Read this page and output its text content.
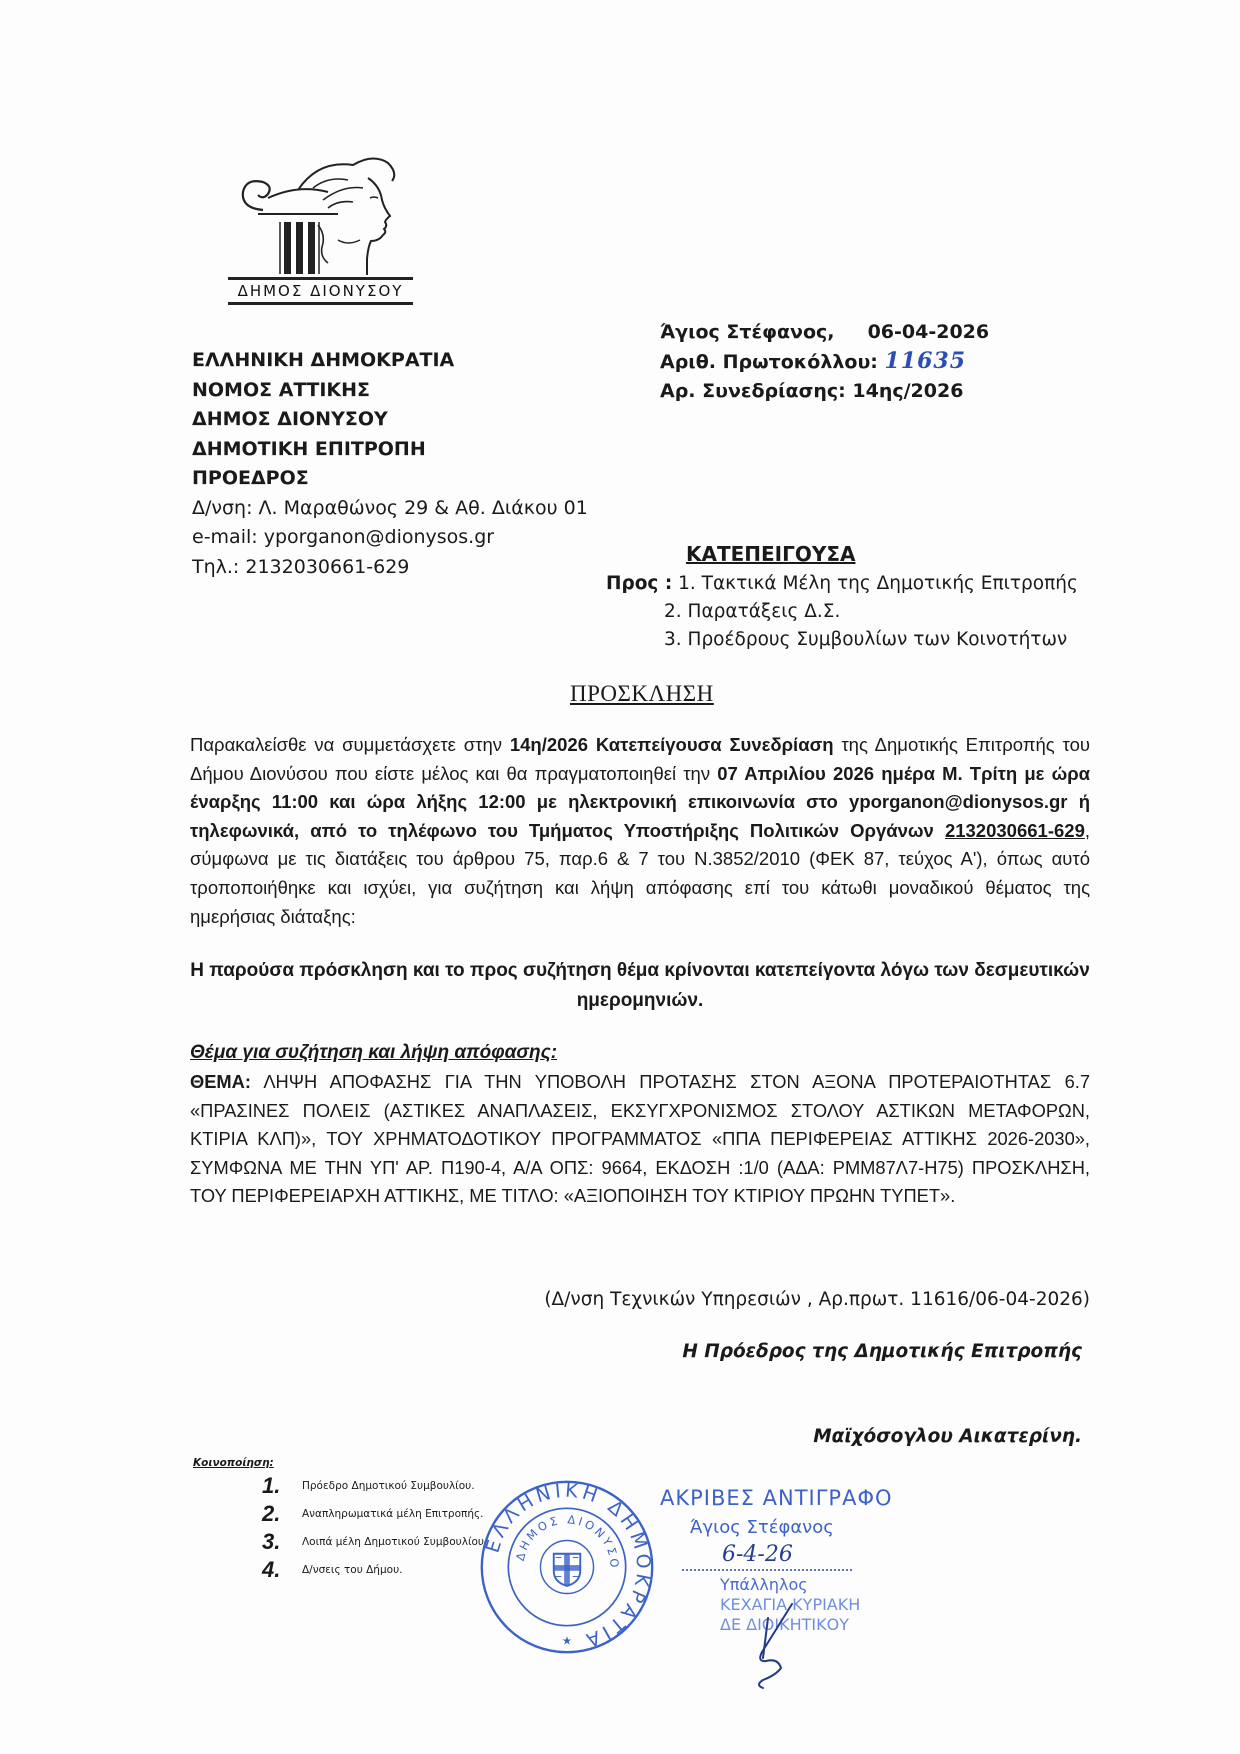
ΔΗΜΟΣ ΔΙΟΝΥΣΟΥ
ΕΛΛΗΝΙΚΗ ΔΗΜΟΚΡΑΤΙΑ
ΝΟΜΟΣ ΑΤΤΙΚΗΣ
ΔΗΜΟΣ ΔΙΟΝΥΣΟΥ
ΔΗΜΟΤΙΚΗ ΕΠΙΤΡΟΠΗ
ΠΡΟΕΔΡΟΣ
Δ/νση: Λ. Μαραθώνος 29 & Αθ. Διάκου 01
e-mail: yporganon@dionysos.gr
Τηλ.: 2132030661-629
Άγιος Στέφανος, 06-04-2026
Αριθ. Πρωτοκόλλου: 11635
Αρ. Συνεδρίασης: 14ης/2026
ΚΑΤΕΠΕΙΓΟΥΣΑ
Προς : 1. Τακτικά Μέλη της Δημοτικής Επιτροπής
2. Παρατάξεις Δ.Σ.
3. Προέδρους Συμβουλίων των Κοινοτήτων
ΠΡΟΣΚΛΗΣΗ
Παρακαλείσθε να συμμετάσχετε στην 14η/2026 Κατεπείγουσα Συνεδρίαση της Δημοτικής Επιτροπής του Δήμου Διονύσου που είστε μέλος και θα πραγματοποιηθεί την 07 Απριλίου 2026 ημέρα Μ. Τρίτη με ώρα έναρξης 11:00 και ώρα λήξης 12:00 με ηλεκτρονική επικοινωνία στο yporganon@dionysos.gr ή τηλεφωνικά, από το τηλέφωνο του Τμήματος Υποστήριξης Πολιτικών Οργάνων 2132030661-629, σύμφωνα με τις διατάξεις του άρθρου 75, παρ.6 & 7 του Ν.3852/2010 (ΦΕΚ 87, τεύχος Α'), όπως αυτό τροποποιήθηκε και ισχύει, για συζήτηση και λήψη απόφασης επί του κάτωθι μοναδικού θέματος της ημερήσιας διάταξης:
Η παρούσα πρόσκληση και το προς συζήτηση θέμα κρίνονται κατεπείγοντα λόγω των δεσμευτικών ημερομηνιών.
Θέμα για συζήτηση και λήψη απόφασης:
ΘΕΜΑ: ΛΗΨΗ ΑΠΟΦΑΣΗΣ ΓΙΑ ΤΗΝ ΥΠΟΒΟΛΗ ΠΡΟΤΑΣΗΣ ΣΤΟΝ ΑΞΟΝΑ ΠΡΟΤΕΡΑΙΟΤΗΤΑΣ 6.7 «ΠΡΑΣΙΝΕΣ ΠΟΛΕΙΣ (ΑΣΤΙΚΕΣ ΑΝΑΠΛΑΣΕΙΣ, ΕΚΣΥΓΧΡΟΝΙΣΜΟΣ ΣΤΟΛΟΥ ΑΣΤΙΚΩΝ ΜΕΤΑΦΟΡΩΝ, ΚΤΙΡΙΑ ΚΛΠ)», ΤΟΥ ΧΡΗΜΑΤΟΔΟΤΙΚΟΥ ΠΡΟΓΡΑΜΜΑΤΟΣ «ΠΠΑ ΠΕΡΙΦΕΡΕΙΑΣ ΑΤΤΙΚΗΣ 2026-2030», ΣΥΜΦΩΝΑ ΜΕ ΤΗΝ ΥΠ' ΑΡ. Π190-4, Α/Α ΟΠΣ: 9664, ΕΚΔΟΣΗ :1/0 (ΑΔΑ: ΡΜΜ87Λ7-Η75) ΠΡΟΣΚΛΗΣΗ, ΤΟΥ ΠΕΡΙΦΕΡΕΙΑΡΧΗ ΑΤΤΙΚΗΣ, ΜΕ ΤΙΤΛΟ: «ΑΞΙΟΠΟΙΗΣΗ ΤΟΥ ΚΤΙΡΙΟΥ ΠΡΩΗΝ ΤΥΠΕΤ».
(Δ/νση Τεχνικών Υπηρεσιών , Αρ.πρωτ. 11616/06-04-2026)
Η Πρόεδρος της Δημοτικής Επιτροπής
Μαϊχόσογλου Αικατερίνη.
Κοινοποίηση:
1.	Πρόεδρο Δημοτικού Συμβουλίου.
2.	Αναπληρωματικά μέλη Επιτροπής.
3.	Λοιπά μέλη Δημοτικού Συμβουλίου.
4.	Δ/νσεις του Δήμου.
ΕΛΛΗΝΙΚΗ ΔΗΜΟΚΡΑΤΙΑ
ΔΗΜΟΣ ΔΙΟΝΥΣΟ
★
ΑΚΡΙΒΕΣ ΑΝΤΙΓΡΑΦΟ
Άγιος Στέφανος
6-4-26
Υπάλληλος
ΚΕΧΑΓΙΑ ΚΥΡΙΑΚΗ
ΔΕ ΔΙΟΙΚΗΤΙΚΟΥ
